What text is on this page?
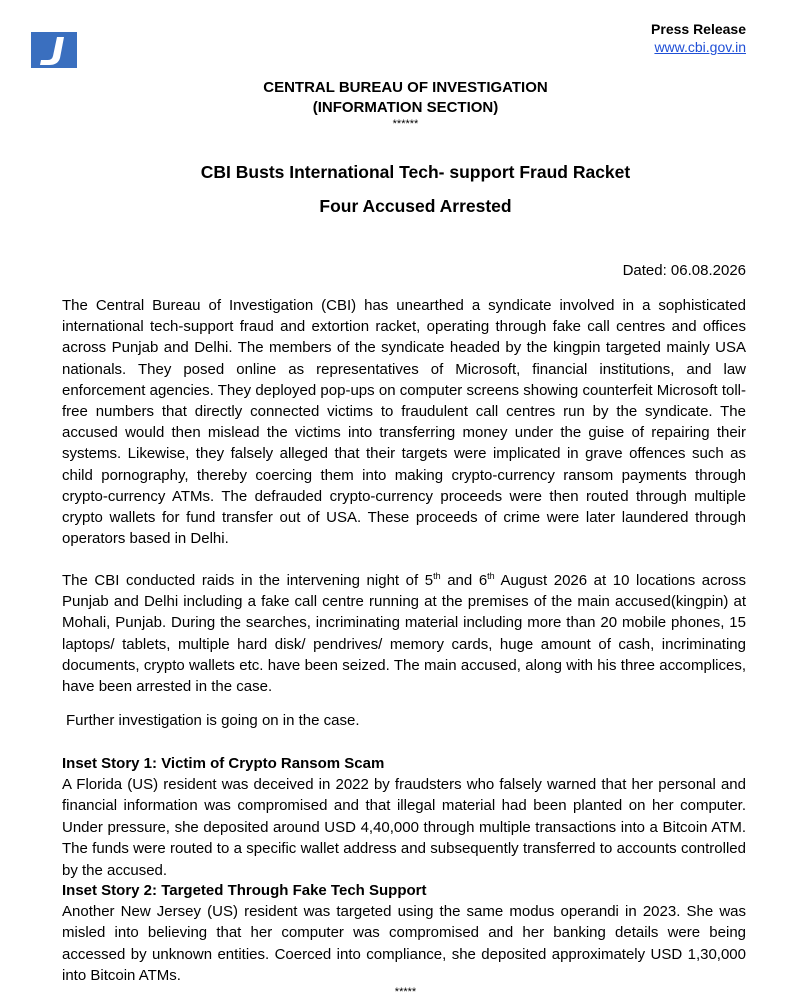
Press Release
www.cbi.gov.in
CENTRAL BUREAU OF INVESTIGATION
(INFORMATION SECTION)
******
CBI Busts International Tech- support Fraud Racket
Four Accused Arrested
Dated: 06.08.2026

The Central Bureau of Investigation (CBI) has unearthed a syndicate involved in a sophisticated international tech-support fraud and extortion racket, operating through fake call centres and offices across Punjab and Delhi. The members of the syndicate headed by the kingpin targeted mainly USA nationals. They posed online as representatives of Microsoft, financial institutions, and law enforcement agencies. They deployed pop-ups on computer screens showing counterfeit Microsoft toll-free numbers that directly connected victims to fraudulent call centres run by the syndicate. The accused would then mislead the victims into transferring money under the guise of repairing their systems. Likewise, they falsely alleged that their targets were implicated in grave offences such as child pornography, thereby coercing them into making crypto-currency ransom payments through crypto-currency ATMs. The defrauded crypto-currency proceeds were then routed through multiple crypto wallets for fund transfer out of USA. These proceeds of crime were later laundered through operators based in Delhi.

The CBI conducted raids in the intervening night of 5th and 6th August 2026 at 10 locations across Punjab and Delhi including a fake call centre running at the premises of the main accused(kingpin) at Mohali, Punjab. During the searches, incriminating material including more than 20 mobile phones, 15 laptops/ tablets, multiple hard disk/ pendrives/ memory cards, huge amount of cash, incriminating documents, crypto wallets etc. have been seized. The main accused, along with his three accomplices, have been arrested in the case.

Further investigation is going on in the case.

Inset Story 1: Victim of Crypto Ransom Scam

A Florida (US) resident was deceived in 2022 by fraudsters who falsely warned that her personal and financial information was compromised and that illegal material had been planted on her computer. Under pressure, she deposited around USD 4,40,000 through multiple transactions into a Bitcoin ATM. The funds were routed to a specific wallet address and subsequently transferred to accounts controlled by the accused.

Inset Story 2: Targeted Through Fake Tech Support

Another New Jersey (US) resident was targeted using the same modus operandi in 2023. She was misled into believing that her computer was compromised and her banking details were being accessed by unknown entities. Coerced into compliance, she deposited approximately USD 1,30,000 into Bitcoin ATMs.

*****
